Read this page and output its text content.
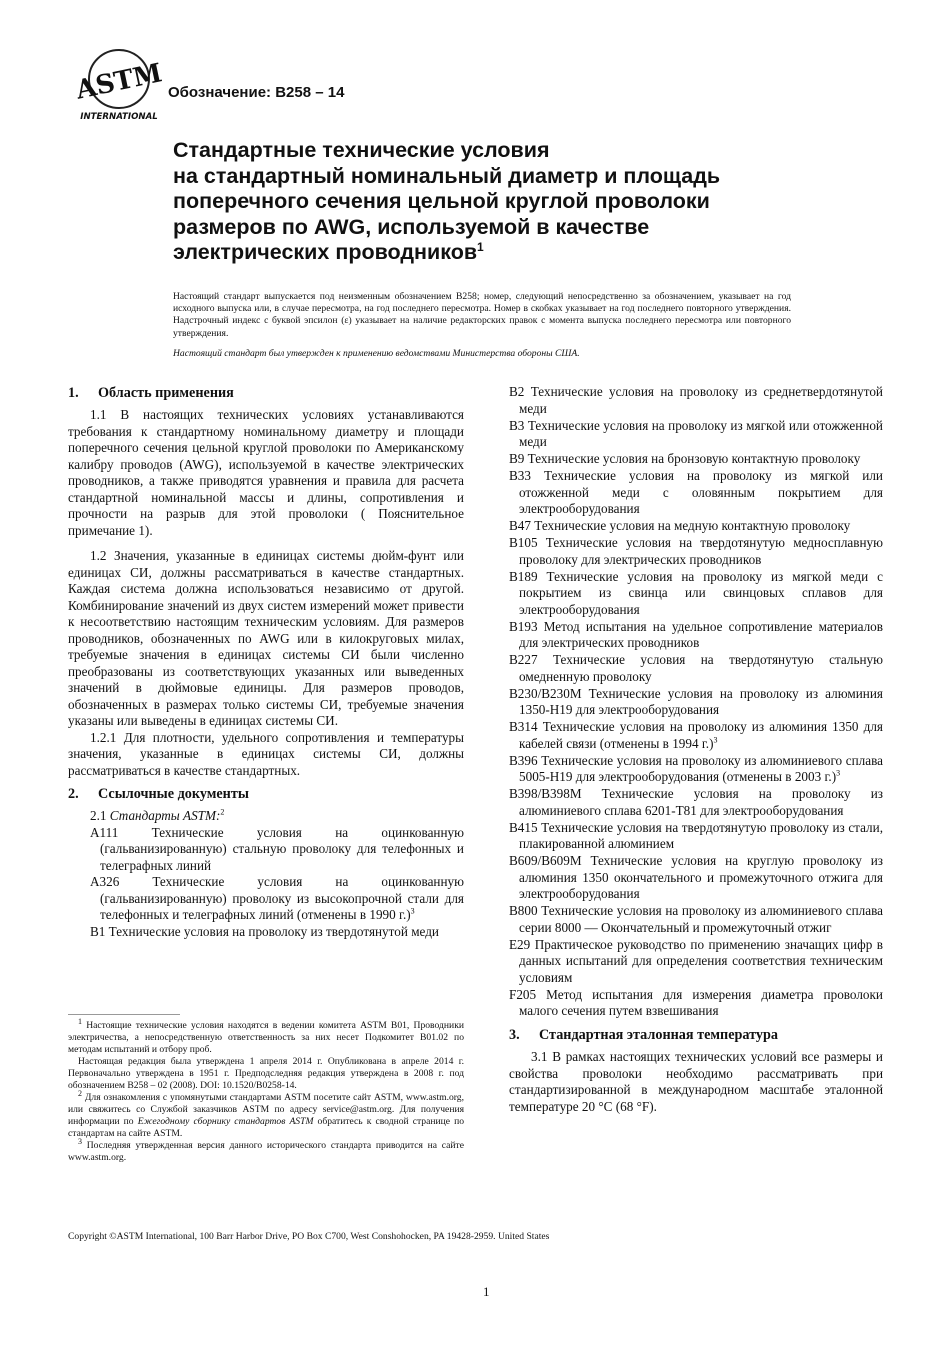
ASTM
INTERNATIONAL
Обозначение: B258 – 14
Стандартные технические условия
на стандартный номинальный диаметр и площадь
поперечного сечения цельной круглой проволоки
размеров по AWG, используемой в качестве
электрических проводников$^1$

Настоящий стандарт выпускается под неизменным обозначением B258; номер, следующий непосредственно за обозначением, указывает на год исходного выпуска или, в случае пересмотра, на год последнего пересмотра. Номер в скобках указывает на год последнего повторного утверждения. Надстрочный индекс с буквой эпсилон (ε) указывает на наличие редакторских правок с момента выпуска последнего пересмотра или повторного утверждения.

Настоящий стандарт был утвержден к применению ведомствами Министерства обороны США.

1. Область применения

1.1 В настоящих технических условиях устанавливаются требования к стандартному номинальному диаметру и площади поперечного сечения цельной круглой проволоки по Американскому калибру проводов (AWG), используемой в качестве электрических проводников, а также приводятся уравнения и правила для расчета стандартной номинальной массы и длины, сопротивления и прочности на разрыв для этой проволоки ( Пояснительное примечание 1).

1.2 Значения, указанные в единицах системы дюйм-фунт или единицах СИ, должны рассматриваться в качестве стандартных. Каждая система должна использоваться независимо от другой. Комбинирование значений из двух систем измерений может привести к несоответствию настоящим техническим условиям. Для размеров проводников, обозначенных по AWG или в килокруговых милах, требуемые значения в единицах системы СИ были численно преобразованы из соответствующих указанных или выведенных значений в дюймовые единицы. Для размеров проводов, обозначенных в размерах только системы СИ, требуемые значения указаны или выведены в единицах системы СИ.

1.2.1 Для плотности, удельного сопротивления и температуры значения, указанные в единицах системы СИ, должны рассматриваться в качестве стандартных.

2. Ссылочные документы

2.1 Стандарты ASTM:$^2$

A111 Технические условия на оцинкованную (гальванизированную) стальную проволоку для телефонных и телеграфных линий

A326 Технические условия на оцинкованную (гальванизированную) проволоку из высокопрочной стали для телефонных и телеграфных линий (отменены в 1990 г.)$^3$

B1 Технические условия на проволоку из твердотянутой меди

B2 Технические условия на проволоку из среднетвердотянутой меди

B3 Технические условия на проволоку из мягкой или отожженной меди

B9 Технические условия на бронзовую контактную проволоку

B33 Технические условия на проволоку из мягкой или отожженной меди с оловянным покрытием для электрооборудования

B47 Технические условия на медную контактную проволоку

B105 Технические условия на твердотянутую медносплавную проволоку для электрических проводников

B189 Технические условия на проволоку из мягкой меди с покрытием из свинца или свинцовых сплавов для электрооборудования

B193 Метод испытания на удельное сопротивление материалов для электрических проводников

B227 Технические условия на твердотянутую стальную омедненную проволоку

B230/B230M Технические условия на проволоку из алюминия 1350-H19 для электрооборудования

B314 Технические условия на проволоку из алюминия 1350 для кабелей связи (отменены в 1994 г.)$^3$

B396 Технические условия на проволоку из алюминиевого сплава 5005-H19 для электрооборудования (отменены в 2003 г.)$^3$

B398/B398M Технические условия на проволоку из алюминиевого сплава 6201-T81 для электрооборудования

B415 Технические условия на твердотянутую проволоку из стали, плакированной алюминием

B609/B609M Технические условия на круглую проволоку из алюминия 1350 окончательного и промежуточного отжига для электрооборудования

B800 Технические условия на проволоку из алюминиевого сплава серии 8000 — Окончательный и промежуточный отжиг

E29 Практическое руководство по применению значащих цифр в данных испытаний для определения соответствия техническим условиям

F205 Метод испытания для измерения диаметра проволоки малого сечения путем взвешивания

3. Стандартная эталонная температура

3.1 В рамках настоящих технических условий все размеры и свойства проволоки необходимо рассматривать при стандартизированной в международном масштабе эталонной температуре 20 °C (68 °F).

$^1$ Настоящие технические условия находятся в ведении комитета ASTM B01, Проводники электричества, а непосредственную ответственность за них несет Подкомитет B01.02 по методам испытаний и отбору проб.

Настоящая редакция была утверждена 1 апреля 2014 г. Опубликована в апреле 2014 г. Первоначально утверждена в 1951 г. Предподследняя редакция утверждена в 2008 г. под обозначением B258 – 02 (2008). DOI: 10.1520/B0258-14.

$^2$ Для ознакомления с упомянутыми стандартами ASTM посетите сайт ASTM, www.astm.org, или свяжитесь со Службой заказчиков ASTM по адресу service@astm.org. Для получения информации по Ежегодному сборнику стандартов ASTM обратитесь к сводной странице по стандартам на сайте ASTM.

$^3$ Последняя утвержденная версия данного исторического стандарта приводится на сайте www.astm.org.

Copyright ©ASTM International, 100 Barr Harbor Drive, PO Box C700, West Conshohocken, PA 19428-2959. United States
1
